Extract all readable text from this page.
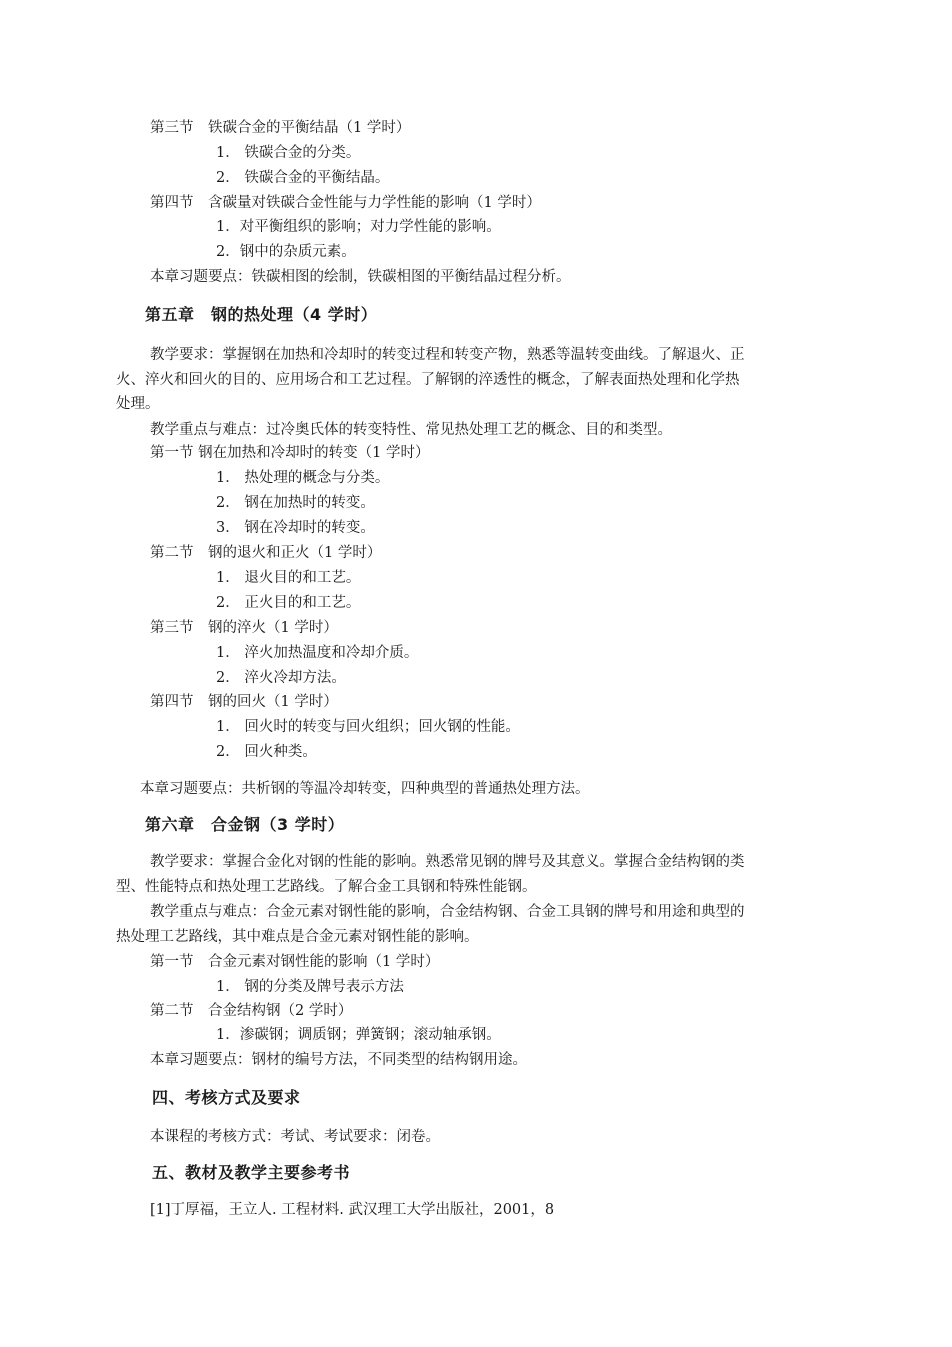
第三节　铁碳合金的平衡结晶（1 学时）
1． 铁碳合金的分类。
2． 铁碳合金的平衡结晶。
第四节　含碳量对铁碳合金性能与力学性能的影响（1 学时）
1．对平衡组织的影响；对力学性能的影响。
2．钢中的杂质元素。
本章习题要点：铁碳相图的绘制，铁碳相图的平衡结晶过程分析。
第五章　钢的热处理（4 学时）
教学要求：掌握钢在加热和冷却时的转变过程和转变产物，熟悉等温转变曲线。了解退火、正
火、淬火和回火的目的、应用场合和工艺过程。了解钢的淬透性的概念，了解表面热处理和化学热
处理。
教学重点与难点：过冷奥氏体的转变特性、常见热处理工艺的概念、目的和类型。
第一节 钢在加热和冷却时的转变（1 学时）
1． 热处理的概念与分类。
2． 钢在加热时的转变。
3． 钢在冷却时的转变。
第二节　钢的退火和正火（1 学时）
1． 退火目的和工艺。
2． 正火目的和工艺。
第三节　钢的淬火（1 学时）
1． 淬火加热温度和冷却介质。
2． 淬火冷却方法。
第四节　钢的回火（1 学时）
1． 回火时的转变与回火组织；回火钢的性能。
2． 回火种类。
本章习题要点：共析钢的等温冷却转变，四种典型的普通热处理方法。
第六章　合金钢（3 学时）
教学要求：掌握合金化对钢的性能的影响。熟悉常见钢的牌号及其意义。掌握合金结构钢的类
型、性能特点和热处理工艺路线。了解合金工具钢和特殊性能钢。
教学重点与难点：合金元素对钢性能的影响，合金结构钢、合金工具钢的牌号和用途和典型的
热处理工艺路线，其中难点是合金元素对钢性能的影响。
第一节　合金元素对钢性能的影响（1 学时）
1． 钢的分类及牌号表示方法
第二节　合金结构钢（2 学时）
1．渗碳钢；调质钢；弹簧钢；滚动轴承钢。
本章习题要点：钢材的编号方法，不同类型的结构钢用途。
四、考核方式及要求
本课程的考核方式：考试、考试要求：闭卷。
五、教材及教学主要参考书
[1]丁厚福，王立人. 工程材料. 武汉理工大学出版社，2001，8
